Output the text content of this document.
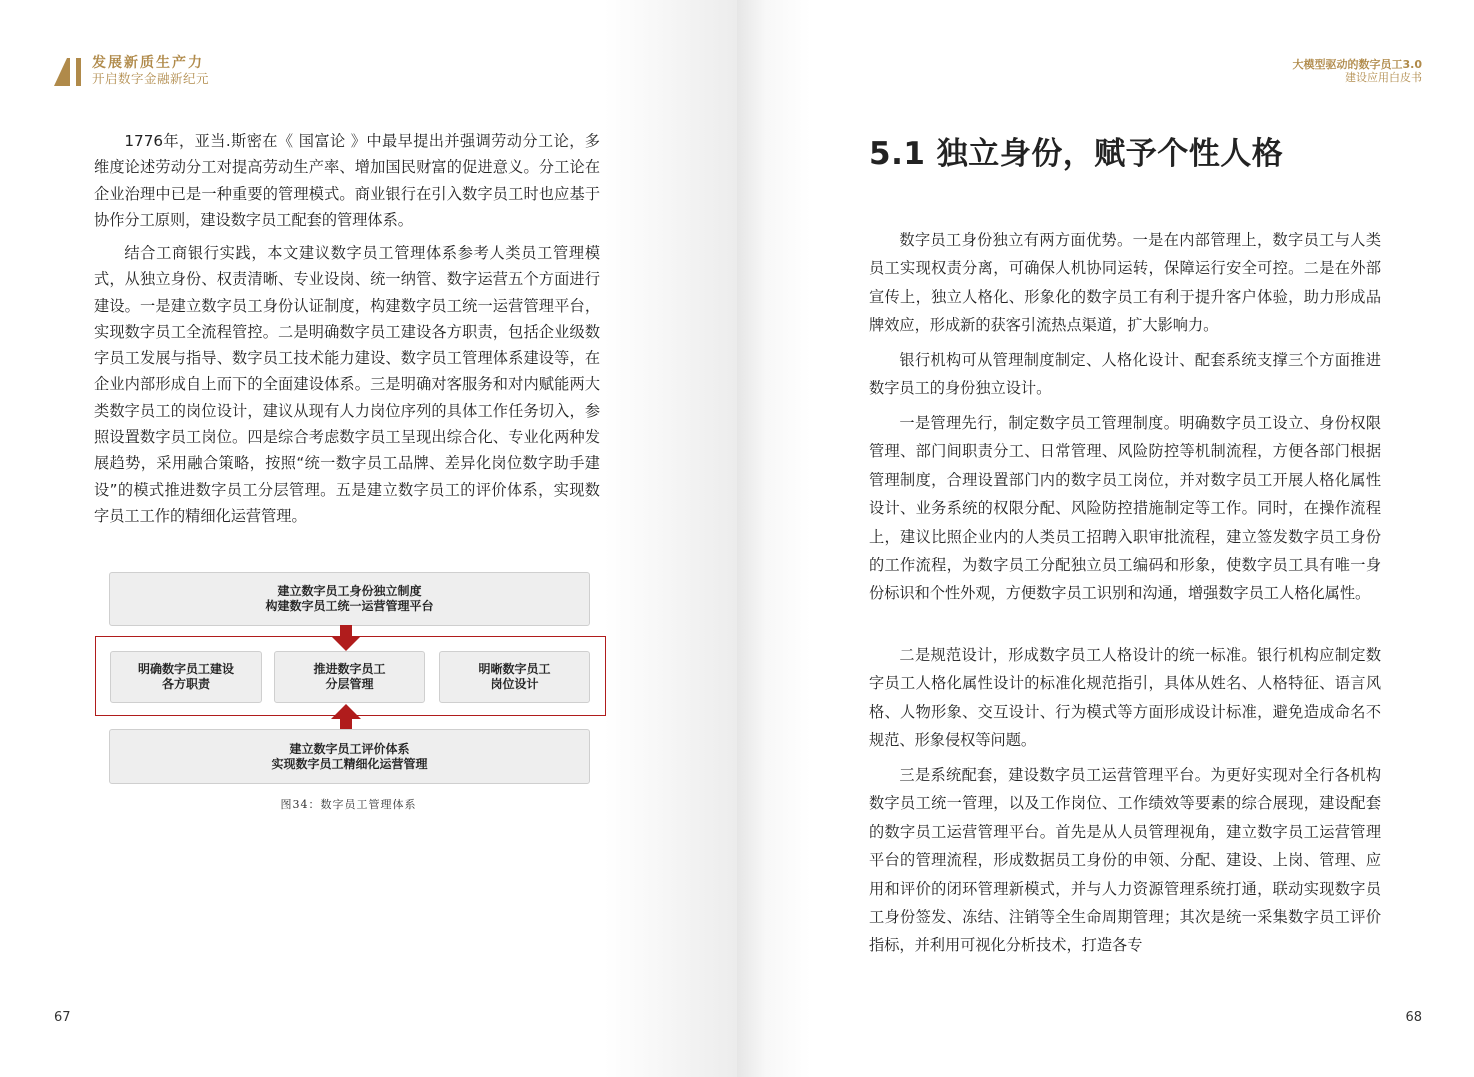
发展新质生产力
开启数字金融新纪元

1776年，亚当.斯密在《 国富论 》中最早提出并强调劳动分工论，多维度论述劳动分工对提高劳动生产率、增加国民财富的促进意义。分工论在企业治理中已是一种重要的管理模式。商业银行在引入数字员工时也应基于协作分工原则，建设数字员工配套的管理体系。

结合工商银行实践，本文建议数字员工管理体系参考人类员工管理模式，从独立身份、权责清晰、专业设岗、统一纳管、数字运营五个方面进行建设。一是建立数字员工身份认证制度，构建数字员工统一运营管理平台，实现数字员工全流程管控。二是明确数字员工建设各方职责，包括企业级数字员工发展与指导、数字员工技术能力建设、数字员工管理体系建设等，在企业内部形成自上而下的全面建设体系。三是明确对客服务和对内赋能两大类数字员工的岗位设计，建议从现有人力岗位序列的具体工作任务切入，参照设置数字员工岗位。四是综合考虑数字员工呈现出综合化、专业化两种发展趋势，采用融合策略，按照“统一数字员工品牌、差异化岗位数字助手建设”的模式推进数字员工分层管理。五是建立数字员工的评价体系，实现数字员工工作的精细化运营管理。

建立数字员工身份独立制度
构建数字员工统一运营管理平台
明确数字员工建设
各方职责
推进数字员工
分层管理
明晰数字员工
岗位设计
建立数字员工评价体系
实现数字员工精细化运营管理
图34：数字员工管理体系
67
大模型驱动的数字员工3.0
建设应用白皮书
68
5.1 独立身份，赋予个性人格

数字员工身份独立有两方面优势。一是在内部管理上，数字员工与人类员工实现权责分离，可确保人机协同运转，保障运行安全可控。二是在外部宣传上，独立人格化、形象化的数字员工有利于提升客户体验，助力形成品牌效应，形成新的获客引流热点渠道，扩大影响力。

银行机构可从管理制度制定、人格化设计、配套系统支撑三个方面推进数字员工的身份独立设计。

一是管理先行，制定数字员工管理制度。明确数字员工设立、身份权限管理、部门间职责分工、日常管理、风险防控等机制流程，方便各部门根据管理制度，合理设置部门内的数字员工岗位，并对数字员工开展人格化属性设计、业务系统的权限分配、风险防控措施制定等工作。同时，在操作流程上，建议比照企业内的人类员工招聘入职审批流程，建立签发数字员工身份的工作流程，为数字员工分配独立员工编码和形象，使数字员工具有唯一身份标识和个性外观，方便数字员工识别和沟通，增强数字员工人格化属性。

二是规范设计，形成数字员工人格设计的统一标准。银行机构应制定数字员工人格化属性设计的标准化规范指引，具体从姓名、人格特征、语言风格、人物形象、交互设计、行为模式等方面形成设计标准，避免造成命名不规范、形象侵权等问题。

三是系统配套，建设数字员工运营管理平台。为更好实现对全行各机构数字员工统一管理，以及工作岗位、工作绩效等要素的综合展现，建设配套的数字员工运营管理平台。首先是从人员管理视角，建立数字员工运营管理平台的管理流程，形成数据员工身份的申领、分配、建设、上岗、管理、应用和评价的闭环管理新模式，并与人力资源管理系统打通，联动实现数字员工身份签发、冻结、注销等全生命周期管理；其次是统一采集数字员工评价指标，并利用可视化分析技术，打造各专
